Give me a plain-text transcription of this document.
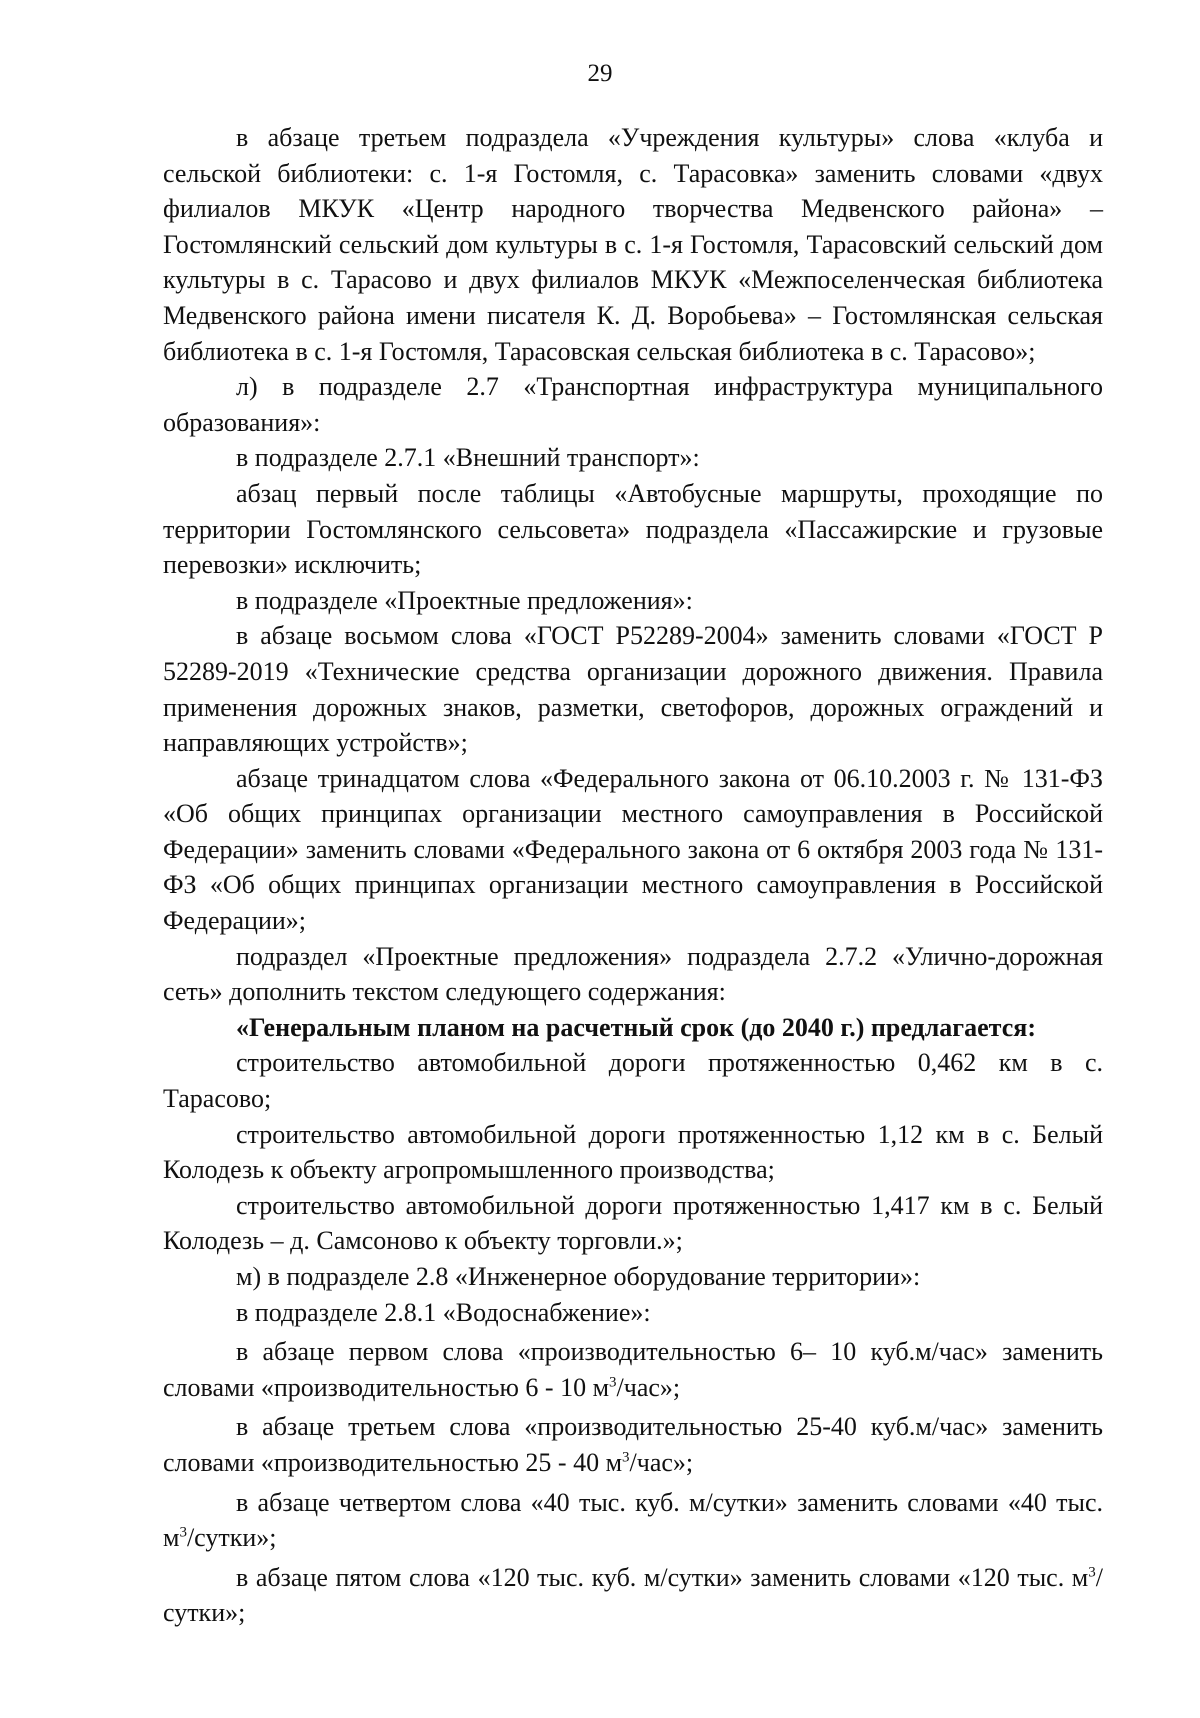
29

в абзаце третьем подраздела «Учреждения культуры» слова «клуба и сельской библиотеки: с. 1-я Гостомля, с. Тарасовка» заменить словами «двух филиалов МКУК «Центр народного творчества Медвенского района» – Гостомлянский сельский дом культуры в с. 1-я Гостомля, Тарасовский сельский дом культуры в с. Тарасово и двух филиалов МКУК «Межпоселенческая библиотека Медвенского района имени писателя К. Д. Воробьева» – Гостомлянская сельская библиотека в с. 1-я Гостомля, Тарасовская сельская библиотека в с. Тарасово»;

л) в подразделе 2.7 «Транспортная инфраструктура муниципального образования»:

в подразделе 2.7.1 «Внешний транспорт»:

абзац первый после таблицы «Автобусные маршруты, проходящие по территории Гостомлянского сельсовета» подраздела «Пассажирские и грузовые перевозки» исключить;

в подразделе «Проектные предложения»:

в абзаце восьмом слова «ГОСТ Р52289-2004» заменить словами «ГОСТ Р 52289-2019 «Технические средства организации дорожного движения. Правила применения дорожных знаков, разметки, светофоров, дорожных ограждений и направляющих устройств»;

абзаце тринадцатом слова «Федерального закона от 06.10.2003 г. № 131-ФЗ «Об общих принципах организации местного самоуправления в Российской Федерации» заменить словами «Федерального закона от 6 октября 2003 года № 131-ФЗ «Об общих принципах организации местного самоуправления в Российской Федерации»;

подраздел «Проектные предложения» подраздела 2.7.2 «Улично-дорожная сеть» дополнить текстом следующего содержания:

«Генеральным планом на расчетный срок (до 2040 г.) предлагается:

строительство автомобильной дороги протяженностью 0,462 км в с. Тарасово;

строительство автомобильной дороги протяженностью 1,12 км в с. Белый Колодезь к объекту агропромышленного производства;

строительство автомобильной дороги протяженностью 1,417 км в с. Белый Колодезь – д. Самсоново к объекту торговли.»;

м) в подразделе 2.8 «Инженерное оборудование территории»:

в подразделе 2.8.1 «Водоснабжение»:

в абзаце первом слова «производительностью 6– 10 куб.м/час» заменить словами «производительностью 6 - 10 $м^3$/час»;

в абзаце третьем слова «производительностью 25-40 куб.м/час» заменить словами «производительностью 25 - 40 $м^3$/час»;

в абзаце четвертом слова «40 тыс. куб. м/сутки» заменить словами «40 тыс. $м^3$/сутки»;

в абзаце пятом слова «120 тыс. куб. м/сутки» заменить словами «120 тыс. $м^3$/сутки»;
